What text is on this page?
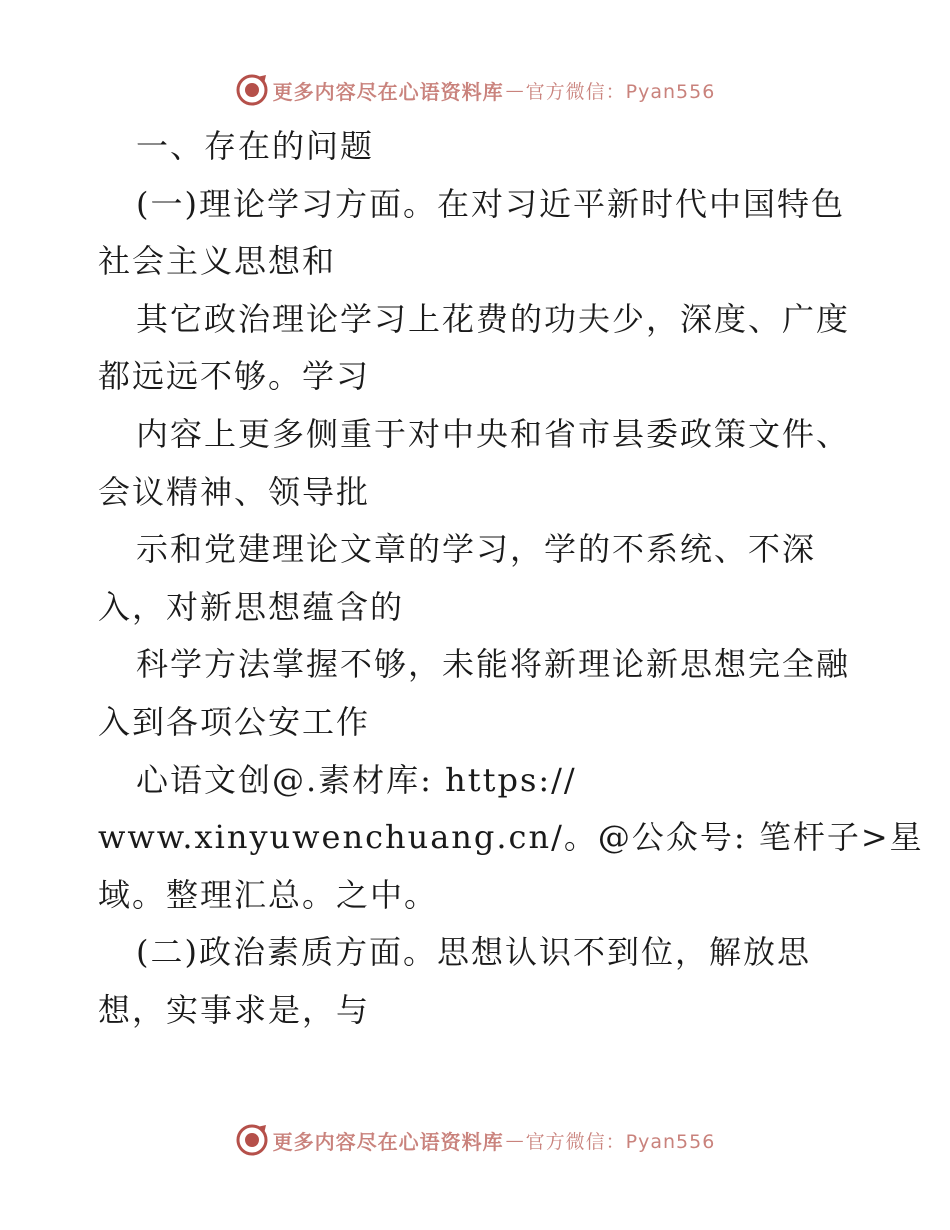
更多内容尽在心语资料库 — 官方微信：Pyan556
一、存在的问题
(一)理论学习方面。在对习近平新时代中国特色
社会主义思想和
其它政治理论学习上花费的功夫少，深度、广度
都远远不够。学习
内容上更多侧重于对中央和省市县委政策文件、
会议精神、领导批
示和党建理论文章的学习，学的不系统、不深
入，对新思想蕴含的
科学方法掌握不够，未能将新理论新思想完全融
入到各项公安工作
心语文创@.素材库: https://
www.xinyuwenchuang.cn/。@公众号: 笔杆子>星
域。整理汇总。之中。
(二)政治素质方面。思想认识不到位，解放思
想，实事求是，与
更多内容尽在心语资料库 — 官方微信：Pyan556
